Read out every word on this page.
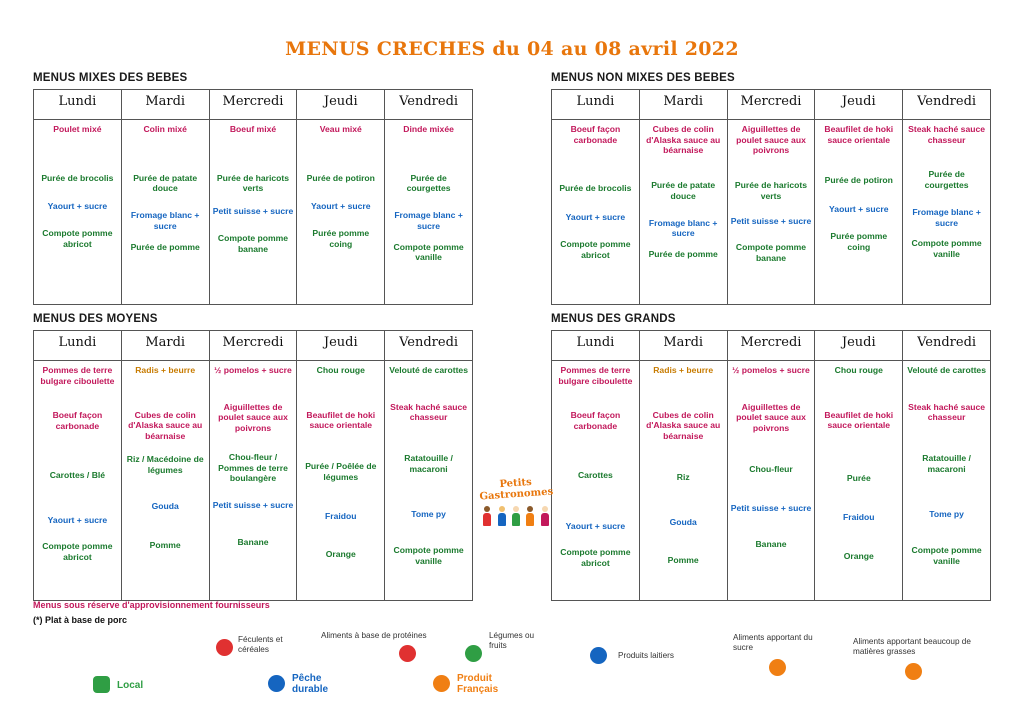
MENUS CRECHES du 04 au 08 avril 2022
MENUS MIXES DES BEBES
Lundi	Mardi	Mercredi	Jeudi	Vendredi

Poulet mixé
Purée de brocolis
Yaourt + sucre
Compote pomme abricot

Colin mixé
Purée de patate douce
Fromage blanc + sucre
Purée de pomme

Boeuf mixé
Purée de haricots verts
Petit suisse + sucre
Compote pomme banane

Veau mixé
Purée de potiron
Yaourt + sucre
Purée pomme coing

Dinde mixée
Purée de courgettes
Fromage blanc + sucre
Compote pomme vanille
MENUS NON MIXES DES BEBES
Lundi	Mardi	Mercredi	Jeudi	Vendredi

Boeuf façon carbonade
Purée de brocolis
Yaourt + sucre
Compote pomme abricot

Cubes de colin d'Alaska sauce au béarnaise
Purée de patate douce
Fromage blanc + sucre
Purée de pomme

Aiguillettes de poulet sauce aux poivrons
Purée de haricots verts
Petit suisse + sucre
Compote pomme banane

Beaufilet de hoki sauce orientale
Purée de potiron
Yaourt + sucre
Purée pomme coing

Steak haché sauce chasseur
Purée de courgettes
Fromage blanc + sucre
Compote pomme vanille
MENUS DES MOYENS
Lundi	Mardi	Mercredi	Jeudi	Vendredi

Pommes de terre bulgare ciboulette
Boeuf façon carbonade
Carottes / Blé
Yaourt + sucre
Compote pomme abricot

Radis + beurre
Cubes de colin d'Alaska sauce au béarnaise
Riz / Macédoine de légumes
Gouda
Pomme

½ pomelos + sucre
Aiguillettes de poulet sauce aux poivrons
Chou-fleur / Pommes de terre boulangère
Petit suisse + sucre
Banane

Chou rouge
Beaufilet de hoki sauce orientale
Purée / Poêlée de légumes
Fraidou
Orange

Velouté de carottes
Steak haché sauce chasseur
Ratatouille / macaroni
Tome py
Compote pomme vanille
MENUS DES GRANDS
Lundi	Mardi	Mercredi	Jeudi	Vendredi

Pommes de terre bulgare ciboulette
Boeuf façon carbonade
Carottes
Yaourt + sucre
Compote pomme abricot

Radis + beurre
Cubes de colin d'Alaska sauce au béarnaise
Riz
Gouda
Pomme

½ pomelos + sucre
Aiguillettes de poulet sauce aux poivrons
Chou-fleur
Petit suisse + sucre
Banane

Chou rouge
Beaufilet de hoki sauce orientale
Purée
Fraidou
Orange

Velouté de carottes
Steak haché sauce chasseur
Ratatouille / macaroni
Tome py
Compote pomme vanille
Petits Gastronomes

Menus sous réserve d'approvisionnement fournisseurs
(*) Plat à base de porc
Féculents et céréales
Aliments à base de protéines	Légumes ou fruits
Produits laitiers
Aliments apportant du sucre
Aliments apportant beaucoup de matières grasses
Local
Pêche durable
Produit Français
